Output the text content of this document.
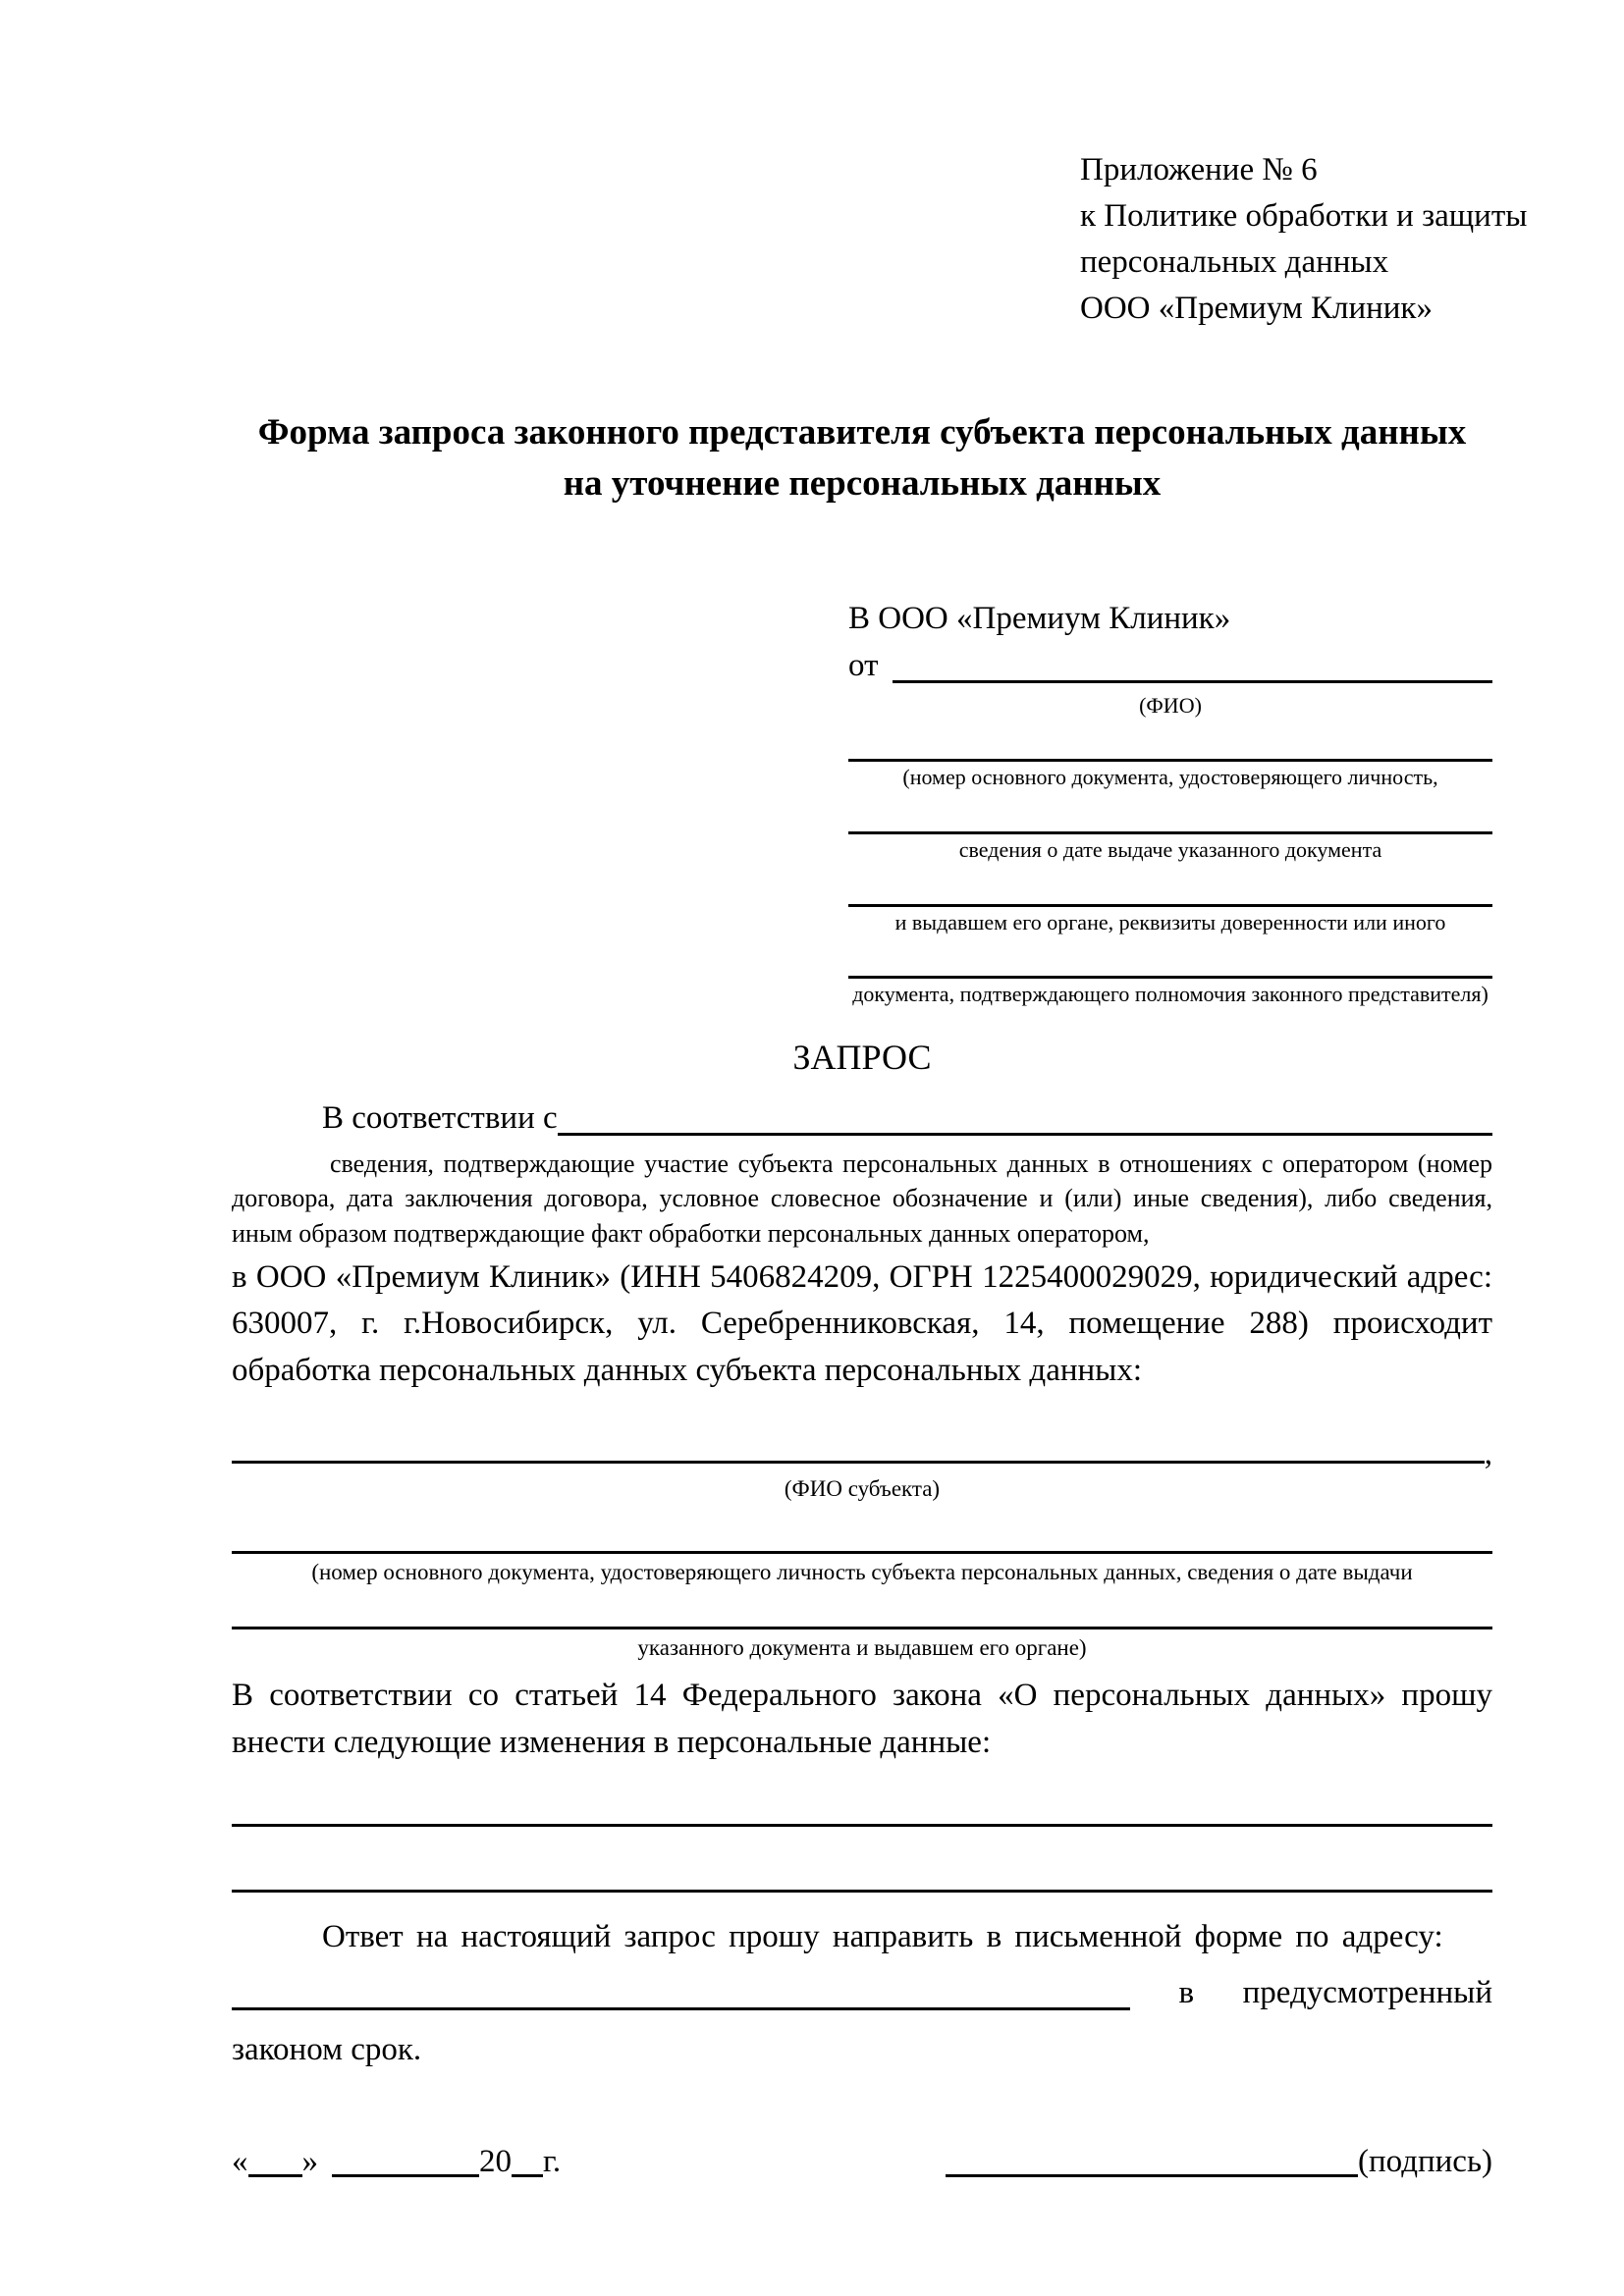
Приложение № 6
к Политике обработки и защиты
персональных данных
ООО «Премиум Клиник»
Форма запроса законного представителя субъекта персональных данных
на уточнение персональных данных
В ООО «Премиум Клиник»
от
(ФИО)
(номер основного документа, удостоверяющего личность,
сведения о дате выдаче указанного документа
и выдавшем его органе, реквизиты доверенности или иного
документа, подтверждающего полномочия законного представителя)
ЗАПРОС
В соответствии с
сведения, подтверждающие участие субъекта персональных данных в отношениях с оператором (номер договора, дата заключения договора, условное словесное обозначение и (или) иные сведения), либо сведения, иным образом подтверждающие факт обработки персональных данных оператором,

в ООО «Премиум Клиник» (ИНН 5406824209, ОГРН 1225400029029, юридический адрес: 630007, г. г.Новосибирск, ул. Серебренниковская, 14, помещение 288) происходит обработка персональных данных субъекта персональных данных:

,
(ФИО субъекта)
(номер основного документа, удостоверяющего личность субъекта персональных данных, сведения о дате выдачи
указанного документа и выдавшем его органе)

В соответствии со статьей 14 Федерального закона «О персональных данных» прошу внести следующие изменения в персональные данные:

Ответ на настоящий запрос прошу направить в письменной форме по адресу:
в предусмотренный
законом срок.
« »	20 г.	(подпись)
